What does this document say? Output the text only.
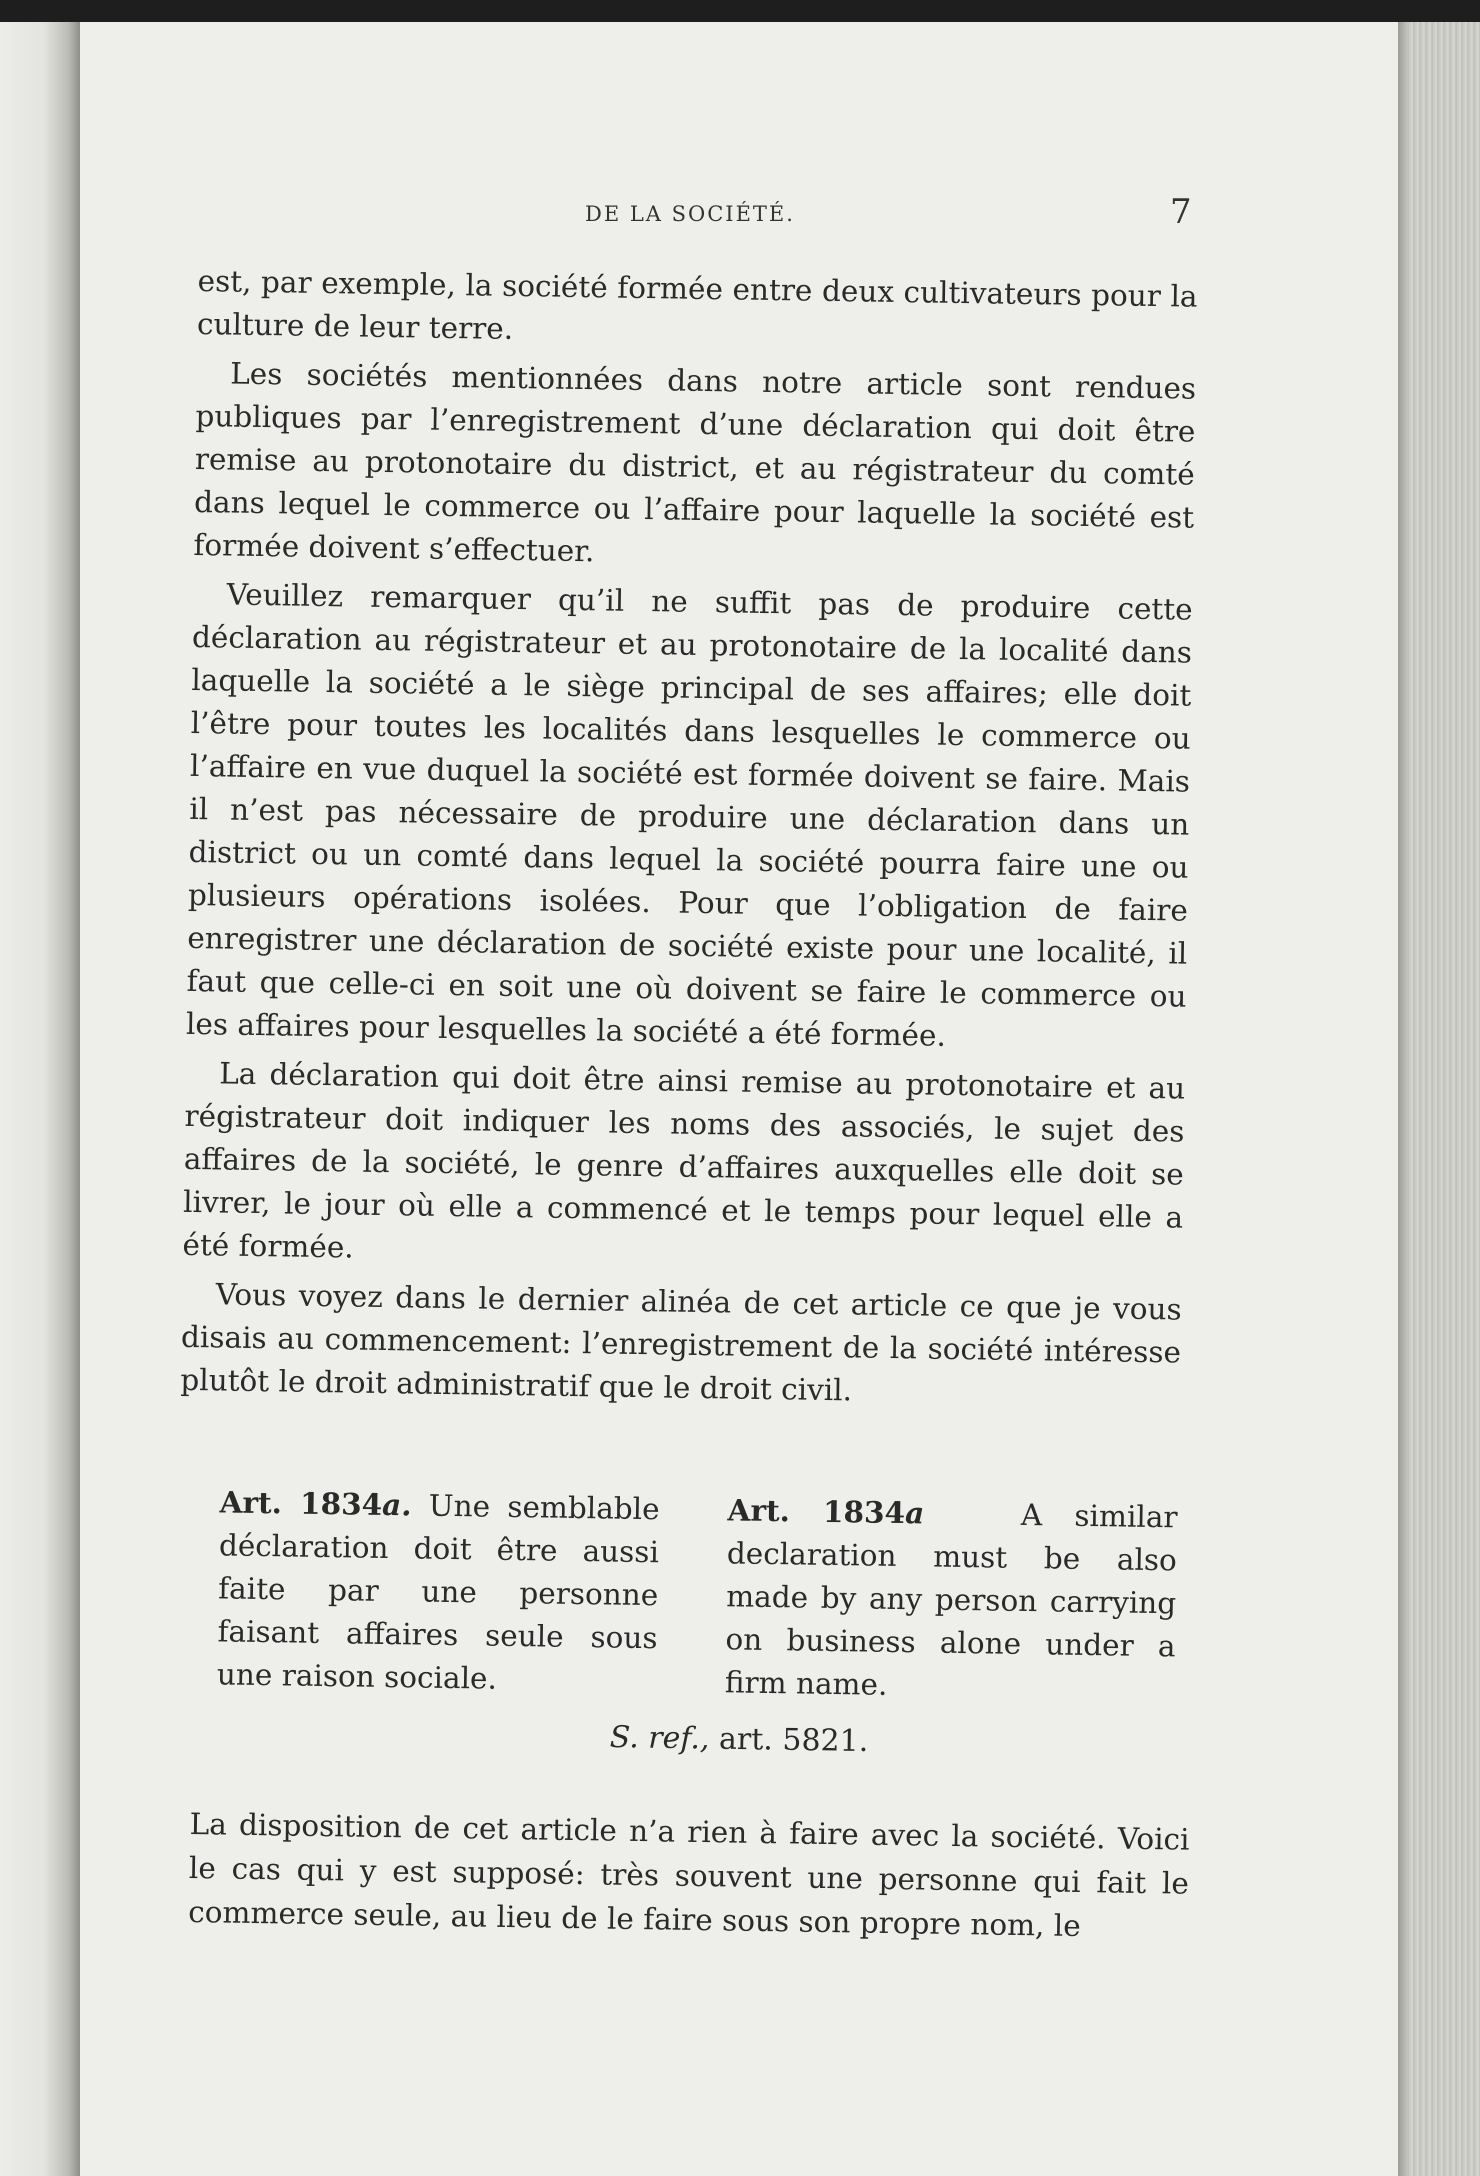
DE LA SOCIÉTÉ.	7

est, par exemple, la société formée entre deux cultivateurs pour la culture de leur terre.

Les sociétés mentionnées dans notre article sont rendues publiques par l’enregistrement d’une déclaration qui doit être remise au protonotaire du district, et au régistrateur du comté dans lequel le commerce ou l’affaire pour laquelle la société est formée doivent s’effectuer.

Veuillez remarquer qu’il ne suffit pas de produire cette déclaration au régistrateur et au protonotaire de la localité dans laquelle la société a le siège principal de ses affaires; elle doit l’être pour toutes les localités dans lesquelles le commerce ou l’affaire en vue duquel la société est formée doivent se faire. Mais il n’est pas nécessaire de produire une déclaration dans un district ou un comté dans lequel la société pourra faire une ou plusieurs opérations isolées. Pour que l’obligation de faire enregistrer une déclaration de société existe pour une localité, il faut que celle-ci en soit une où doivent se faire le commerce ou les affaires pour lesquelles la société a été formée.

La déclaration qui doit être ainsi remise au protonotaire et au régistrateur doit indiquer les noms des associés, le sujet des affaires de la société, le genre d’affaires auxquelles elle doit se livrer, le jour où elle a commencé et le temps pour lequel elle a été formée.

Vous voyez dans le dernier alinéa de cet article ce que je vous disais au commencement: l’enregistrement de la société intéresse plutôt le droit administratif que le droit civil.

Art. 1834a. Une semblable déclaration doit être aussi faite par une personne faisant affaires seule sous une raison sociale.
Art. 1834a	A similar declaration must be also made by any person carrying on business alone under a firm name.
S. ref., art. 5821.

La disposition de cet article n’a rien à faire avec la société. Voici le cas qui y est supposé: très souvent une personne qui fait le commerce seule, au lieu de le faire sous son propre nom, le
